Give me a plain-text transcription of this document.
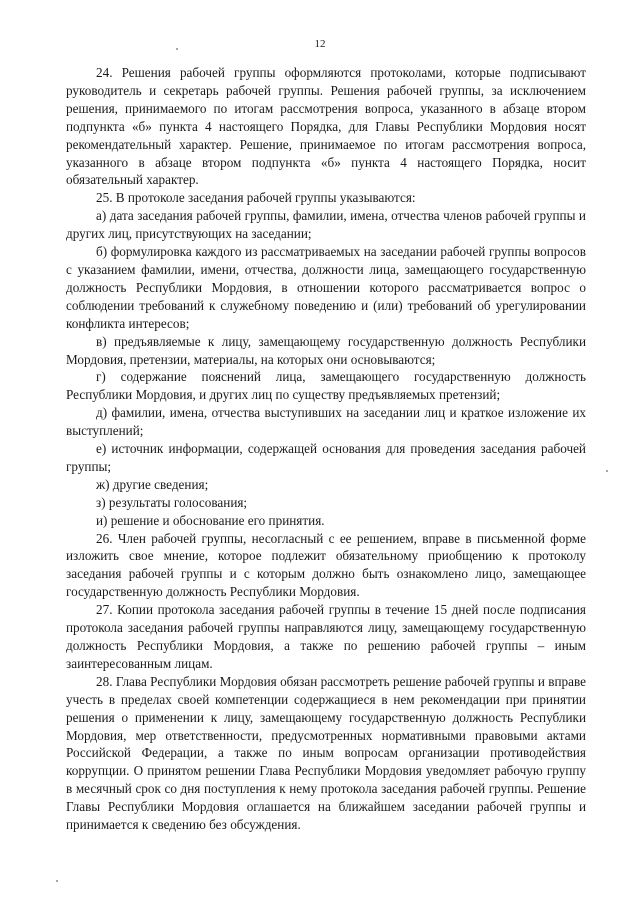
12

24. Решения рабочей группы оформляются протоколами, которые подписывают руководитель и секретарь рабочей группы. Решения рабочей группы, за исключением решения, принимаемого по итогам рассмотрения вопроса, указанного в абзаце втором подпункта «б» пункта 4 настоящего Порядка, для Главы Республики Мордовия носят рекомендательный характер. Решение, принимаемое по итогам рассмотрения вопроса, указанного в абзаце втором подпункта «б» пункта 4 настоящего Порядка, носит обязательный характер.

25. В протоколе заседания рабочей группы указываются:

а) дата заседания рабочей группы, фамилии, имена, отчества членов рабочей группы и других лиц, присутствующих на заседании;

б) формулировка каждого из рассматриваемых на заседании рабочей группы вопросов с указанием фамилии, имени, отчества, должности лица, замещающего государственную должность Республики Мордовия, в отношении которого рассматривается вопрос о соблюдении требований к служебному поведению и (или) требований об урегулировании конфликта интересов;

в) предъявляемые к лицу, замещающему государственную должность Республики Мордовия, претензии, материалы, на которых они основываются;

г) содержание пояснений лица, замещающего государственную должность Республики Мордовия, и других лиц по существу предъявляемых претензий;

д) фамилии, имена, отчества выступивших на заседании лиц и краткое изложение их выступлений;

е) источник информации, содержащей основания для проведения заседания рабочей группы;

ж) другие сведения;

з) результаты голосования;

и) решение и обоснование его принятия.

26. Член рабочей группы, несогласный с ее решением, вправе в письменной форме изложить свое мнение, которое подлежит обязательному приобщению к протоколу заседания рабочей группы и с которым должно быть ознакомлено лицо, замещающее государственную должность Республики Мордовия.

27. Копии протокола заседания рабочей группы в течение 15 дней после подписания протокола заседания рабочей группы направляются лицу, замещающему государственную должность Республики Мордовия, а также по решению рабочей группы – иным заинтересованным лицам.

28. Глава Республики Мордовия обязан рассмотреть решение рабочей группы и вправе учесть в пределах своей компетенции содержащиеся в нем рекомендации при принятии решения о применении к лицу, замещающему государственную должность Республики Мордовия, мер ответственности, предусмотренных нормативными правовыми актами Российской Федерации, а также по иным вопросам организации противодействия коррупции. О принятом решении Глава Республики Мордовия уведомляет рабочую группу в месячный срок со дня поступления к нему протокола заседания рабочей группы. Решение Главы Республики Мордовия оглашается на ближайшем заседании рабочей группы и принимается к сведению без обсуждения.
